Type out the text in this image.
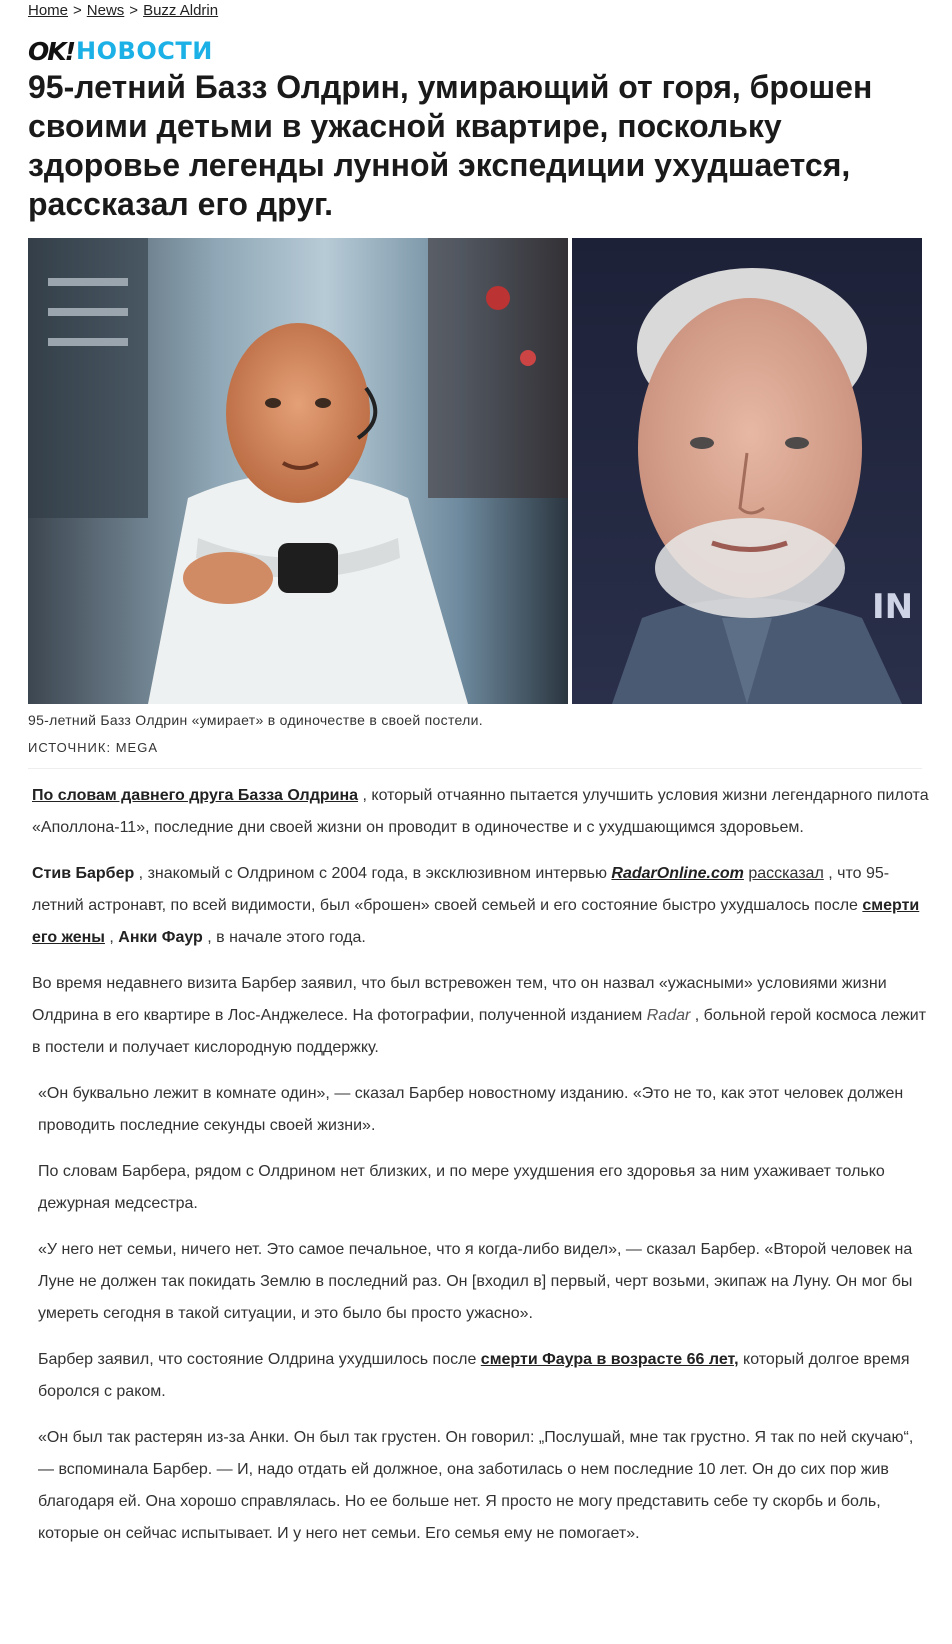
Home > News > Buzz Aldrin
OK! НОВОСТИ
95-летний Базз Олдрин, умирающий от горя, брошен своими детьми в ужасной квартире, поскольку здоровье легенды лунной экспедиции ухудшается, рассказал его друг.
IN
95-летний Базз Олдрин «умирает» в одиночестве в своей постели.
ИСТОЧНИК: MEGA

По словам давнего друга Базза Олдрина , который отчаянно пытается улучшить условия жизни легендарного пилота «Аполлона-11», последние дни своей жизни он проводит в одиночестве и с ухудшающимся здоровьем.

Стив Барбер , знакомый с Олдрином с 2004 года, в эксклюзивном интервью RadarOnline.com рассказал , что 95-летний астронавт, по всей видимости, был «брошен» своей семьей и его состояние быстро ухудшалось после смерти его жены , Анки Фаур , в начале этого года.

Во время недавнего визита Барбер заявил, что был встревожен тем, что он назвал «ужасными» условиями жизни Олдрина в его квартире в Лос-Анджелесе. На фотографии, полученной изданием Radar , больной герой космоса лежит в постели и получает кислородную поддержку.

«Он буквально лежит в комнате один», — сказал Барбер новостному изданию. «Это не то, как этот человек должен проводить последние секунды своей жизни».

По словам Барбера, рядом с Олдрином нет близких, и по мере ухудшения его здоровья за ним ухаживает только дежурная медсестра.

«У него нет семьи, ничего нет. Это самое печальное, что я когда-либо видел», — сказал Барбер. «Второй человек на Луне не должен так покидать Землю в последний раз. Он [входил в] первый, черт возьми, экипаж на Луну. Он мог бы умереть сегодня в такой ситуации, и это было бы просто ужасно».

Барбер заявил, что состояние Олдрина ухудшилось после смерти Фаура в возрасте 66 лет, который долгое время боролся с раком.

«Он был так растерян из-за Анки. Он был так грустен. Он говорил: „Послушай, мне так грустно. Я так по ней скучаю“, — вспоминала Барбер. — И, надо отдать ей должное, она заботилась о нем последние 10 лет. Он до сих пор жив благодаря ей. Она хорошо справлялась. Но ее больше нет. Я просто не могу представить себе ту скорбь и боль, которые он сейчас испытывает. И у него нет семьи. Его семья ему не помогает».
